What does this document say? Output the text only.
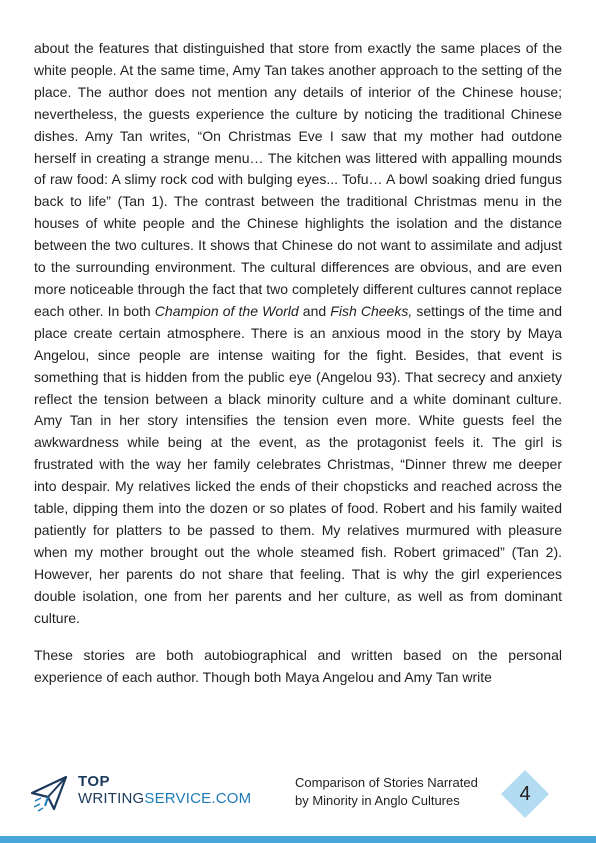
about the features that distinguished that store from exactly the same places of the white people. At the same time, Amy Tan takes another approach to the setting of the place. The author does not mention any details of interior of the Chinese house; nevertheless, the guests experience the culture by noticing the traditional Chinese dishes. Amy Tan writes, “On Christmas Eve I saw that my mother had outdone herself in creating a strange menu… The kitchen was littered with appalling mounds of raw food: A slimy rock cod with bulging eyes... Tofu… A bowl soaking dried fungus back to life” (Tan 1). The contrast between the traditional Christmas menu in the houses of white people and the Chinese highlights the isolation and the distance between the two cultures. It shows that Chinese do not want to assimilate and adjust to the surrounding environment. The cultural differences are obvious, and are even more noticeable through the fact that two completely different cultures cannot replace each other. In both Champion of the World and Fish Cheeks, settings of the time and place create certain atmosphere. There is an anxious mood in the story by Maya Angelou, since people are intense waiting for the fight. Besides, that event is something that is hidden from the public eye (Angelou 93). That secrecy and anxiety reflect the tension between a black minority culture and a white dominant culture. Amy Tan in her story intensifies the tension even more. White guests feel the awkwardness while being at the event, as the protagonist feels it. The girl is frustrated with the way her family celebrates Christmas, “Dinner threw me deeper into despair. My relatives licked the ends of their chopsticks and reached across the table, dipping them into the dozen or so plates of food. Robert and his family waited patiently for platters to be passed to them. My relatives murmured with pleasure when my mother brought out the whole steamed fish. Robert grimaced” (Tan 2). However, her parents do not share that feeling. That is why the girl experiences double isolation, one from her parents and her culture, as well as from dominant culture.

These stories are both autobiographical and written based on the personal experience of each author. Though both Maya Angelou and Amy Tan write

TOP
WRITINGSERVICE.COM
Comparison of Stories Narrated
by Minority in Anglo Cultures	4
